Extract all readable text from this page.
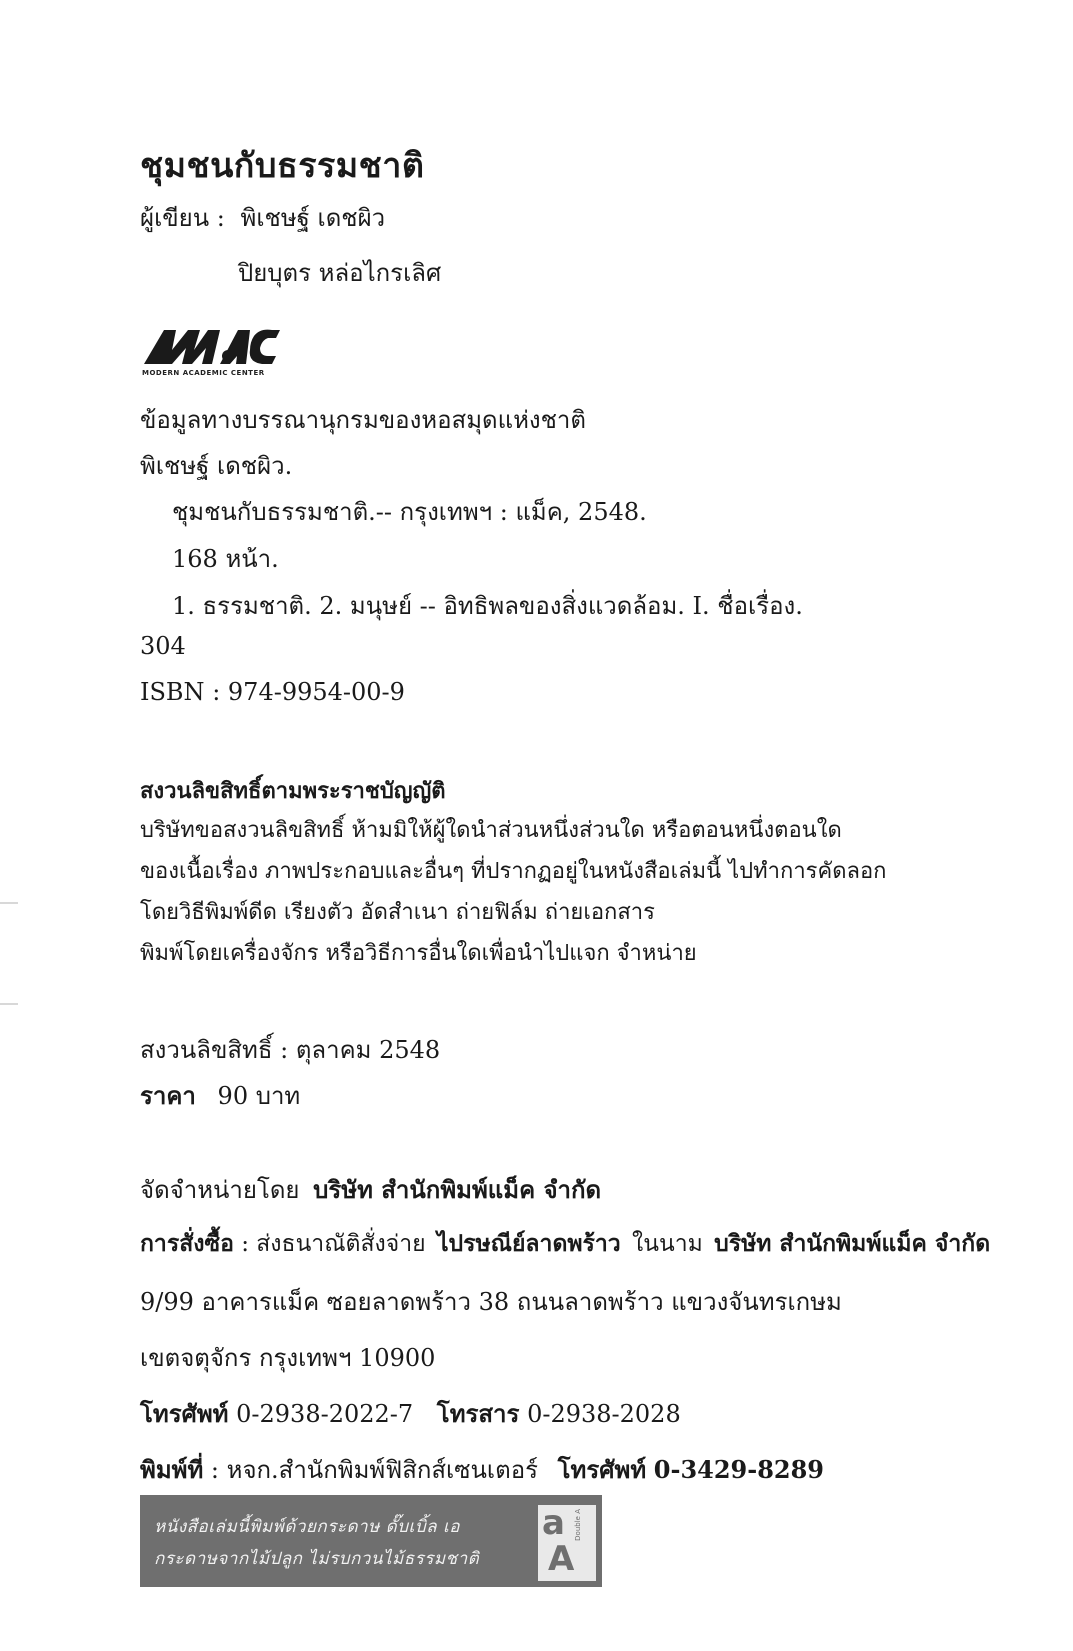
ชุมชนกับธรรมชาติ
ผู้เขียน : พิเชษฐ์ เดชผิว
ปิยบุตร หล่อไกรเลิศ
MODERN ACADEMIC CENTER
ข้อมูลทางบรรณานุกรมของหอสมุดแห่งชาติ
พิเชษฐ์ เดชผิว.
ชุมชนกับธรรมชาติ.-- กรุงเทพฯ : แม็ค, 2548.
168 หน้า.
1. ธรรมชาติ. 2. มนุษย์ -- อิทธิพลของสิ่งแวดล้อม. I. ชื่อเรื่อง.
304
ISBN : 974-9954-00-9
สงวนลิขสิทธิ์ตามพระราชบัญญัติ
บริษัทขอสงวนลิขสิทธิ์ ห้ามมิให้ผู้ใดนำส่วนหนึ่งส่วนใด หรือตอนหนึ่งตอนใด
ของเนื้อเรื่อง ภาพประกอบและอื่นๆ ที่ปรากฏอยู่ในหนังสือเล่มนี้ ไปทำการคัดลอก
โดยวิธีพิมพ์ดีด เรียงตัว อัดสำเนา ถ่ายฟิล์ม ถ่ายเอกสาร
พิมพ์โดยเครื่องจักร หรือวิธีการอื่นใดเพื่อนำไปแจก จำหน่าย
สงวนลิขสิทธิ์ : ตุลาคม 2548
ราคา 90 บาท
จัดจำหน่ายโดย บริษัท สำนักพิมพ์แม็ค จำกัด
การสั่งซื้อ : ส่งธนาณัติสั่งจ่าย ไปรษณีย์ลาดพร้าว ในนาม บริษัท สำนักพิมพ์แม็ค จำกัด
9/99 อาคารแม็ค ซอยลาดพร้าว 38 ถนนลาดพร้าว แขวงจันทรเกษม
เขตจตุจักร กรุงเทพฯ 10900
โทรศัพท์ 0-2938-2022-7 โทรสาร 0-2938-2028
พิมพ์ที่ : หจก.สำนักพิมพ์ฟิสิกส์เซนเตอร์ โทรศัพท์ 0-3429-8289
หนังสือเล่มนี้พิมพ์ด้วยกระดาษ ดั๊บเบิ้ล เอ
กระดาษจากไม้ปลูก ไม่รบกวนไม้ธรรมชาติ
a
A
Double A
